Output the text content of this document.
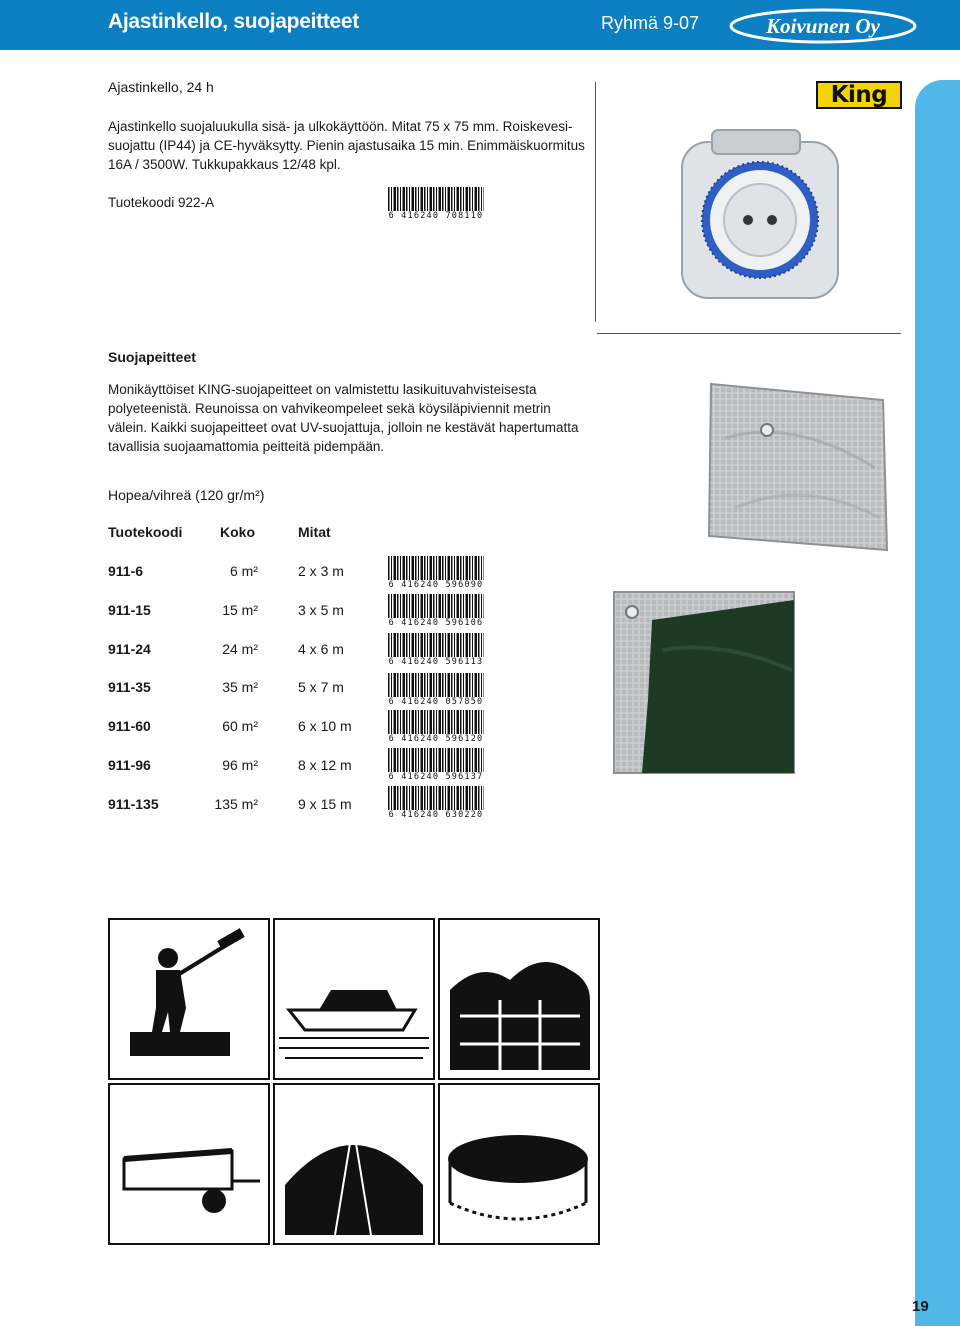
Ajastinkello, suojapeitteet	Ryhmä 9-07	Koivunen Oy
19
Ajastinkello, 24 h
Ajastinkello suojaluukulla sisä- ja ulkokäyttöön. Mitat 75 x 75 mm. Roiskevesi-suojattu (IP44) ja CE-hyväksytty. Pienin ajastusaika 15 min. Enimmäiskuormitus 16A / 3500W. Tukkupakkaus 12/48 kpl.
Tuotekoodi 922-A
6 416240 708110
King
Suojapeitteet
Monikäyttöiset KING-suojapeitteet on valmistettu lasikuituvahvisteisesta polyeteenistä. Reunoissa on vahvikeompeleet sekä köysiläpiviennit metrin välein. Kaikki suojapeitteet ovat UV-suojattuja, jolloin ne kestävät hapertumatta tavallisia suojaamattomia peitteitä pidempään.
Hopea/vihreä (120 gr/m²)
Tuotekoodi	Koko	Mitat
911-6	6 m²	2 x 3 m
6 416240 596090
911-15	15 m²	3 x 5 m
6 416240 596106
911-24	24 m²	4 x 6 m
6 416240 596113
911-35	35 m²	5 x 7 m
6 416240 057850
911-60	60 m²	6 x 10 m
6 416240 596120
911-96	96 m²	8 x 12 m
6 416240 596137
911-135	135 m²	9 x 15 m
6 416240 630220
